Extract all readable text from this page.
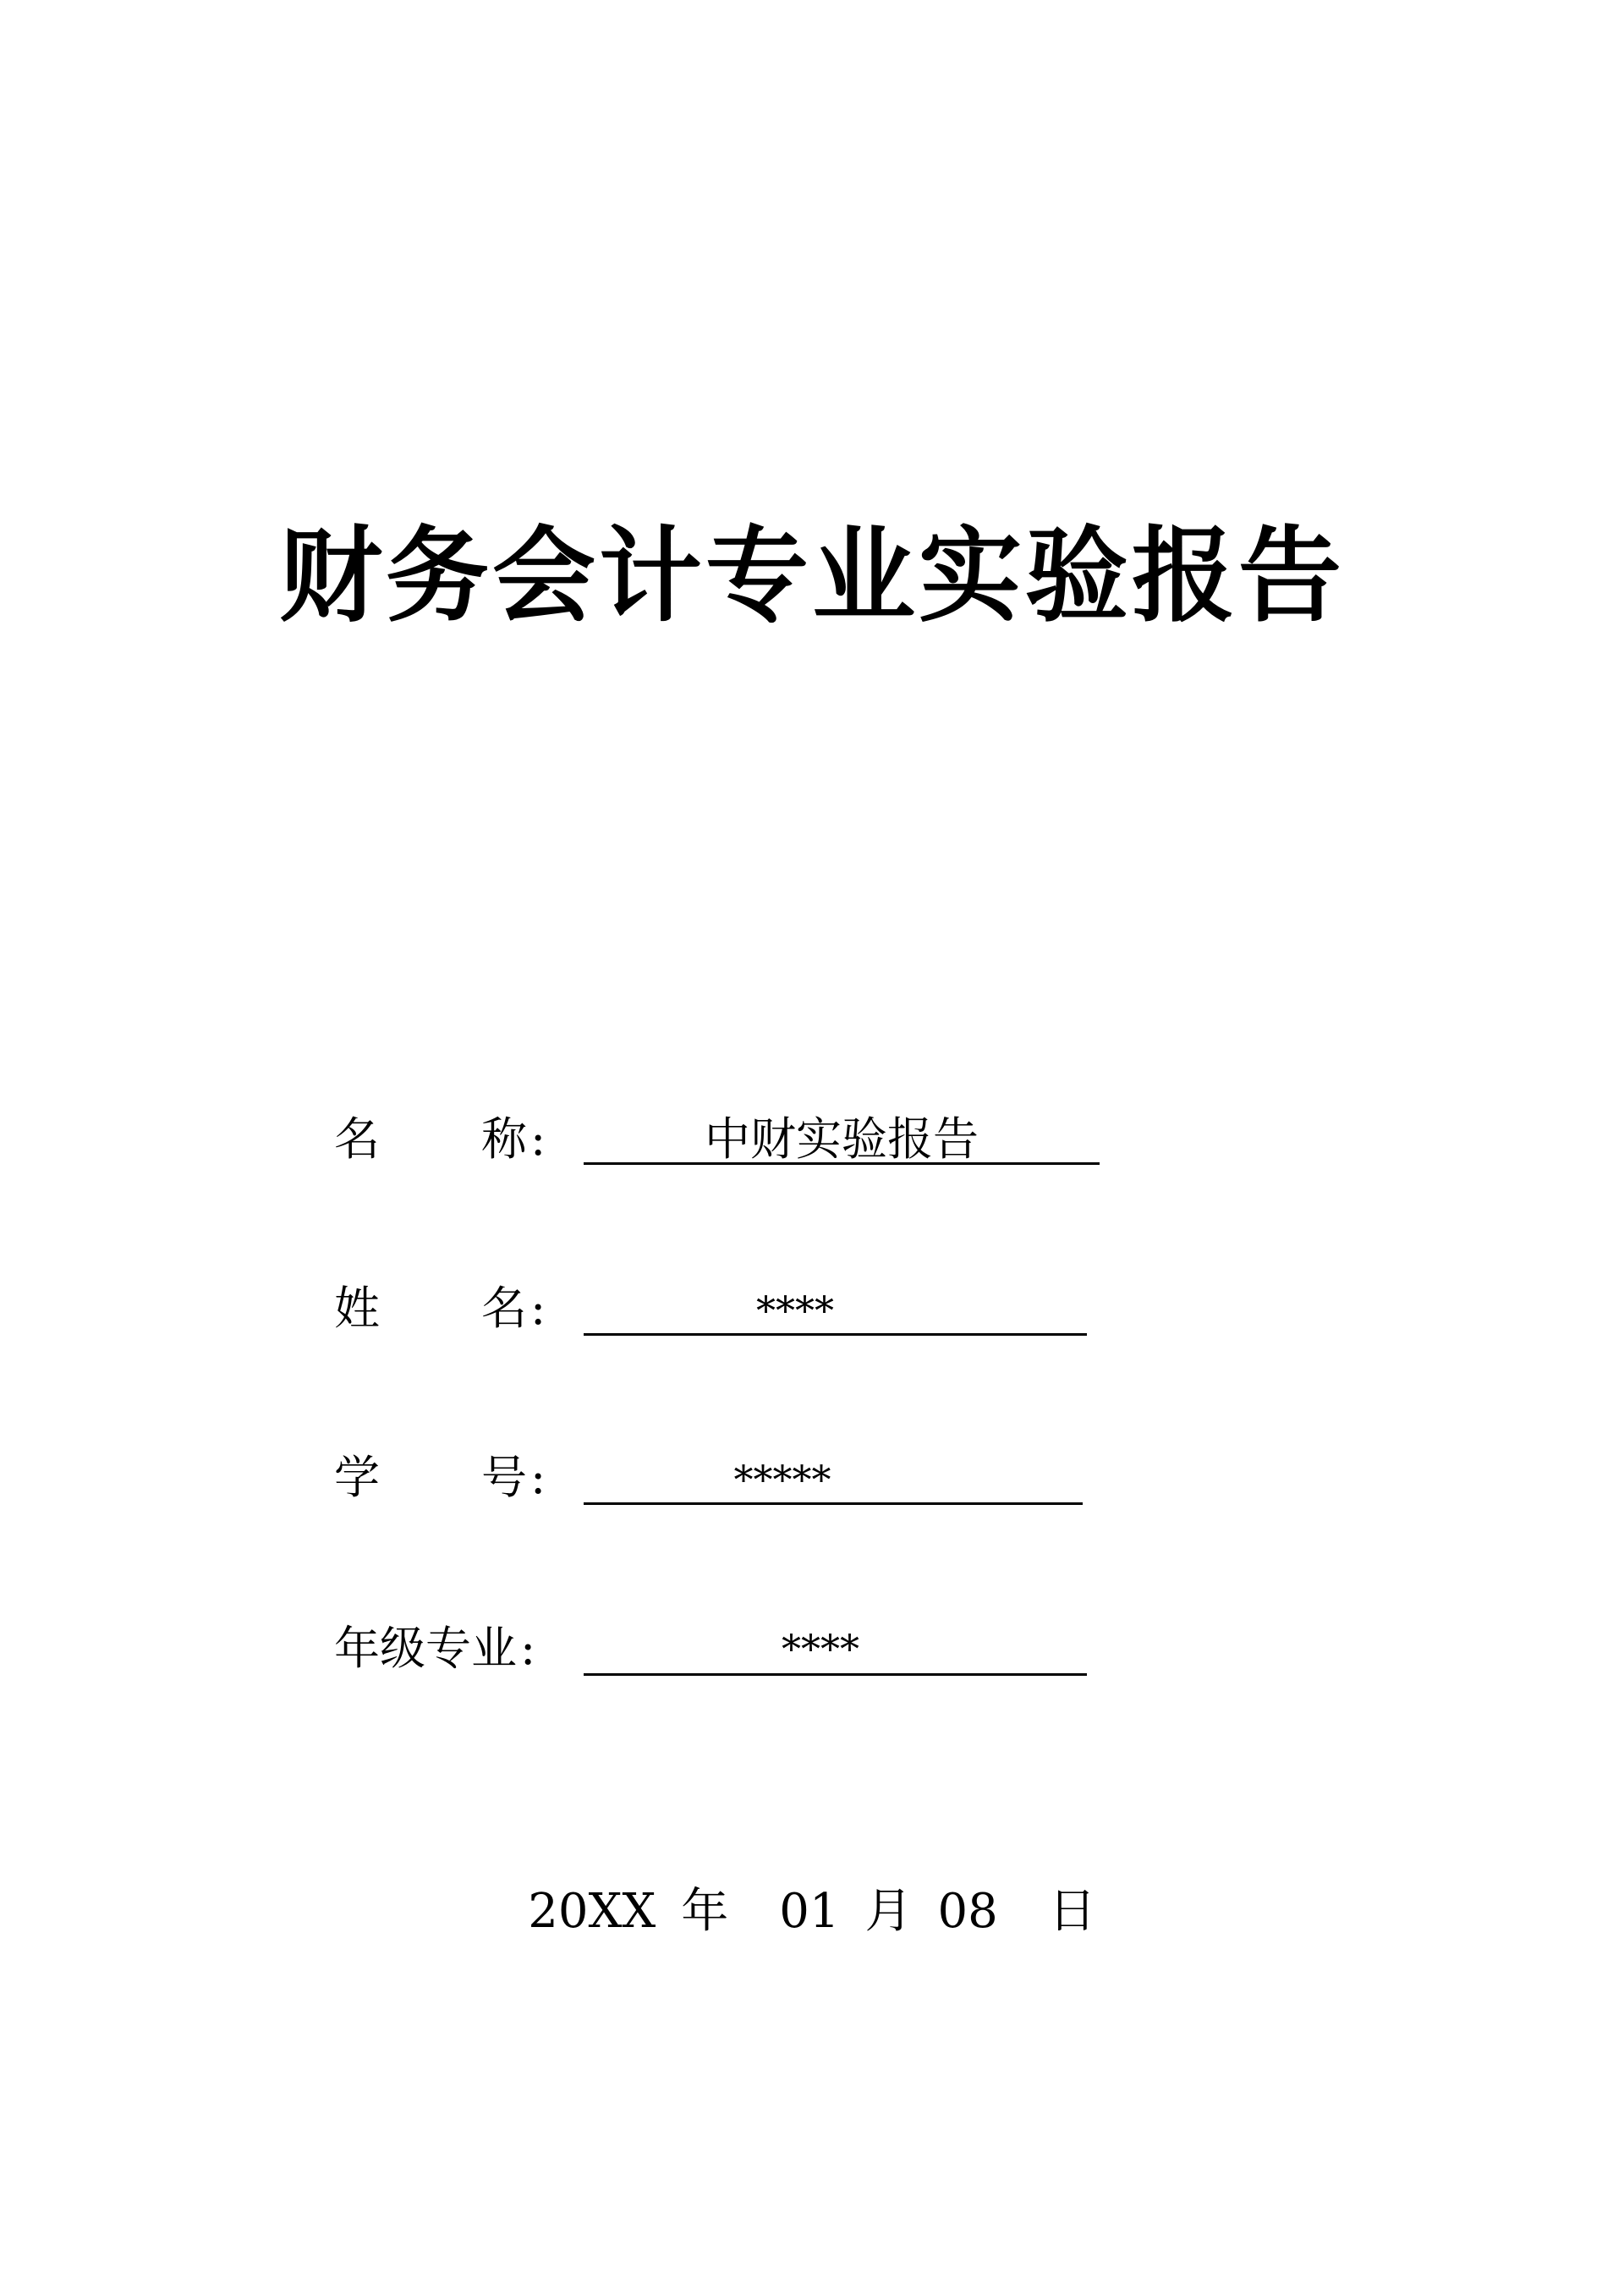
财务会计专业实验报告
名 称:	中财实验报告
姓 名:	****
学 号:	*****
年级专业:	****
20XX 年 01 月 08 日
